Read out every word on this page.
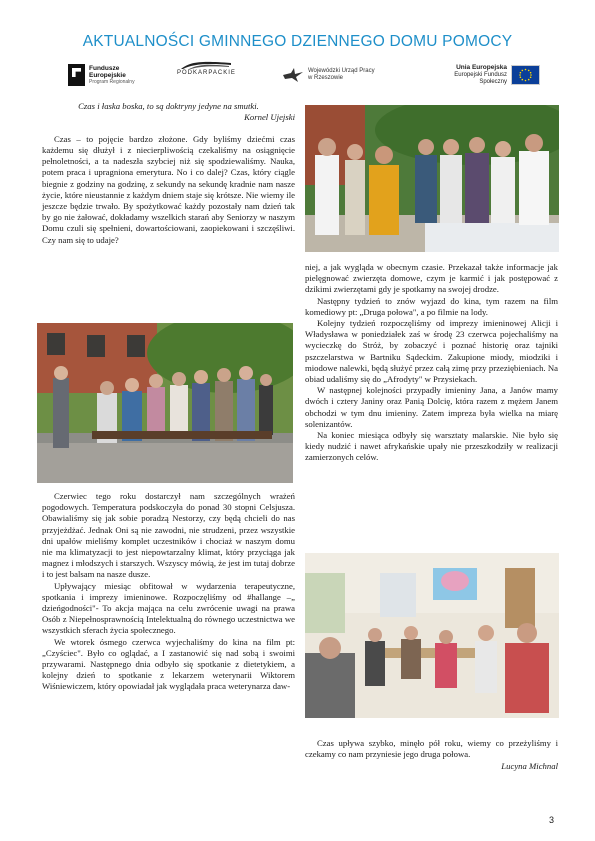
AKTUALNOŚCI GMINNEGO DZIENNEGO DOMU POMOCY
Fundusze
Europejskie
Program Regionalny
PODKARPACKIE	Wojewódzki Urząd Pracy
w Rzeszowie
Unia Europejska
Europejski Fundusz Społeczny
Czas i łaska boska, to są doktryny jedyne na smutki.
Kornel Ujejski

Czas – to pojęcie bardzo złożone. Gdy byliśmy dziećmi czas każdemu się dłużył i z niecierpliwością czekaliśmy na osiągnięcie pełnoletności, a ta nadeszła szybciej niż się spodziewaliśmy. Nauka, potem praca i upragniona emerytura. No i co dalej? Czas, który ciągle biegnie z godziny na godzinę, z sekundy na sekundę kradnie nam nasze życie, które nieustannie z każdym dniem staje się krótsze. Nie wiemy ile jeszcze będzie trwało. By spożytkować każdy pozostały nam dzień tak by go nie żałować, dokładamy wszelkich starań aby Seniorzy w naszym Domu czuli się spełnieni, dowartościowani, zaopiekowani i szczęśliwi. Czy nam się to udaje?

Czerwiec tego roku dostarczył nam szczególnych wrażeń pogodowych. Temperatura podskoczyła do ponad 30 stopni Celsjusza. Obawialiśmy się jak sobie poradzą Nestorzy, czy będą chcieli do nas przyjeżdżać. Jednak Oni są nie zawodni, nie strudzeni, przez wszystkie dni upałów mieliśmy komplet uczestników i chociaż w naszym domu nie ma klimatyzacji to jest niepowtarzalny klimat, który przyciąga jak magnez i młodszych i starszych. Wszyscy mówią, że jest im tutaj dobrze i to jest balsam na nasze dusze.

Upływający miesiąc obfitował w wydarzenia terapeutyczne, spotkania i imprezy imieninowe. Rozpoczęliśmy od #hallange –„ dzieńgodności"- To akcja mająca na celu zwrócenie uwagi na prawa Osób z Niepełnosprawnością Intelektualną do równego uczestnictwa we wszystkich sferach życia społecznego.

We wtorek ósmego czerwca wyjechaliśmy do kina na film pt: „Czyściec". Było co oglądać, a I zastanowić się nad sobą i swoimi przywarami. Następnego dnia odbyło się spotkanie z dietetykiem, a kolejny dzień to spotkanie z lekarzem weterynarii Wiktorem Wiśniewiczem, który opowiadał jak wyglądała praca weterynarza daw-

niej, a jak wygląda w obecnym czasie. Przekazał także informacje jak pielęgnować zwierzęta domowe, czym je karmić i jak postępować z dzikimi zwierzętami gdy je spotkamy na swojej drodze.

Następny tydzień to znów wyjazd do kina, tym razem na film komediowy pt: „Druga połowa", a po filmie na lody.

Kolejny tydzień rozpoczęliśmy od imprezy imieninowej Alicji i Władysława w poniedziałek zaś w środę 23 czerwca pojechaliśmy na wycieczkę do Stróż, by zobaczyć i poznać historię oraz tajniki pszczelarstwa w Bartniku Sądeckim. Zakupione miody, miodziki i miodowe nalewki, będą służyć przez całą zimę przy przeziębieniach. Na obiad udaliśmy się do „Afrodyty" w Przysiekach.

W następnej kolejności przypadły imieniny Jana, a Janów mamy dwóch i cztery Janiny oraz Panią Dolcię, która razem z mężem Janem obchodzi w tym dnu imieniny. Zatem impreza była wielka na miarę solenizantów.

Na koniec miesiąca odbyły się warsztaty malarskie. Nie było się kiedy nudzić i nawet afrykańskie upały nie przeszkodziły w realizacji zamierzonych celów.

Czas upływa szybko, minęło pół roku, wiemy co przeżyliśmy i czekamy co nam przyniesie jego druga połowa.
Lucyna Michnal
3
